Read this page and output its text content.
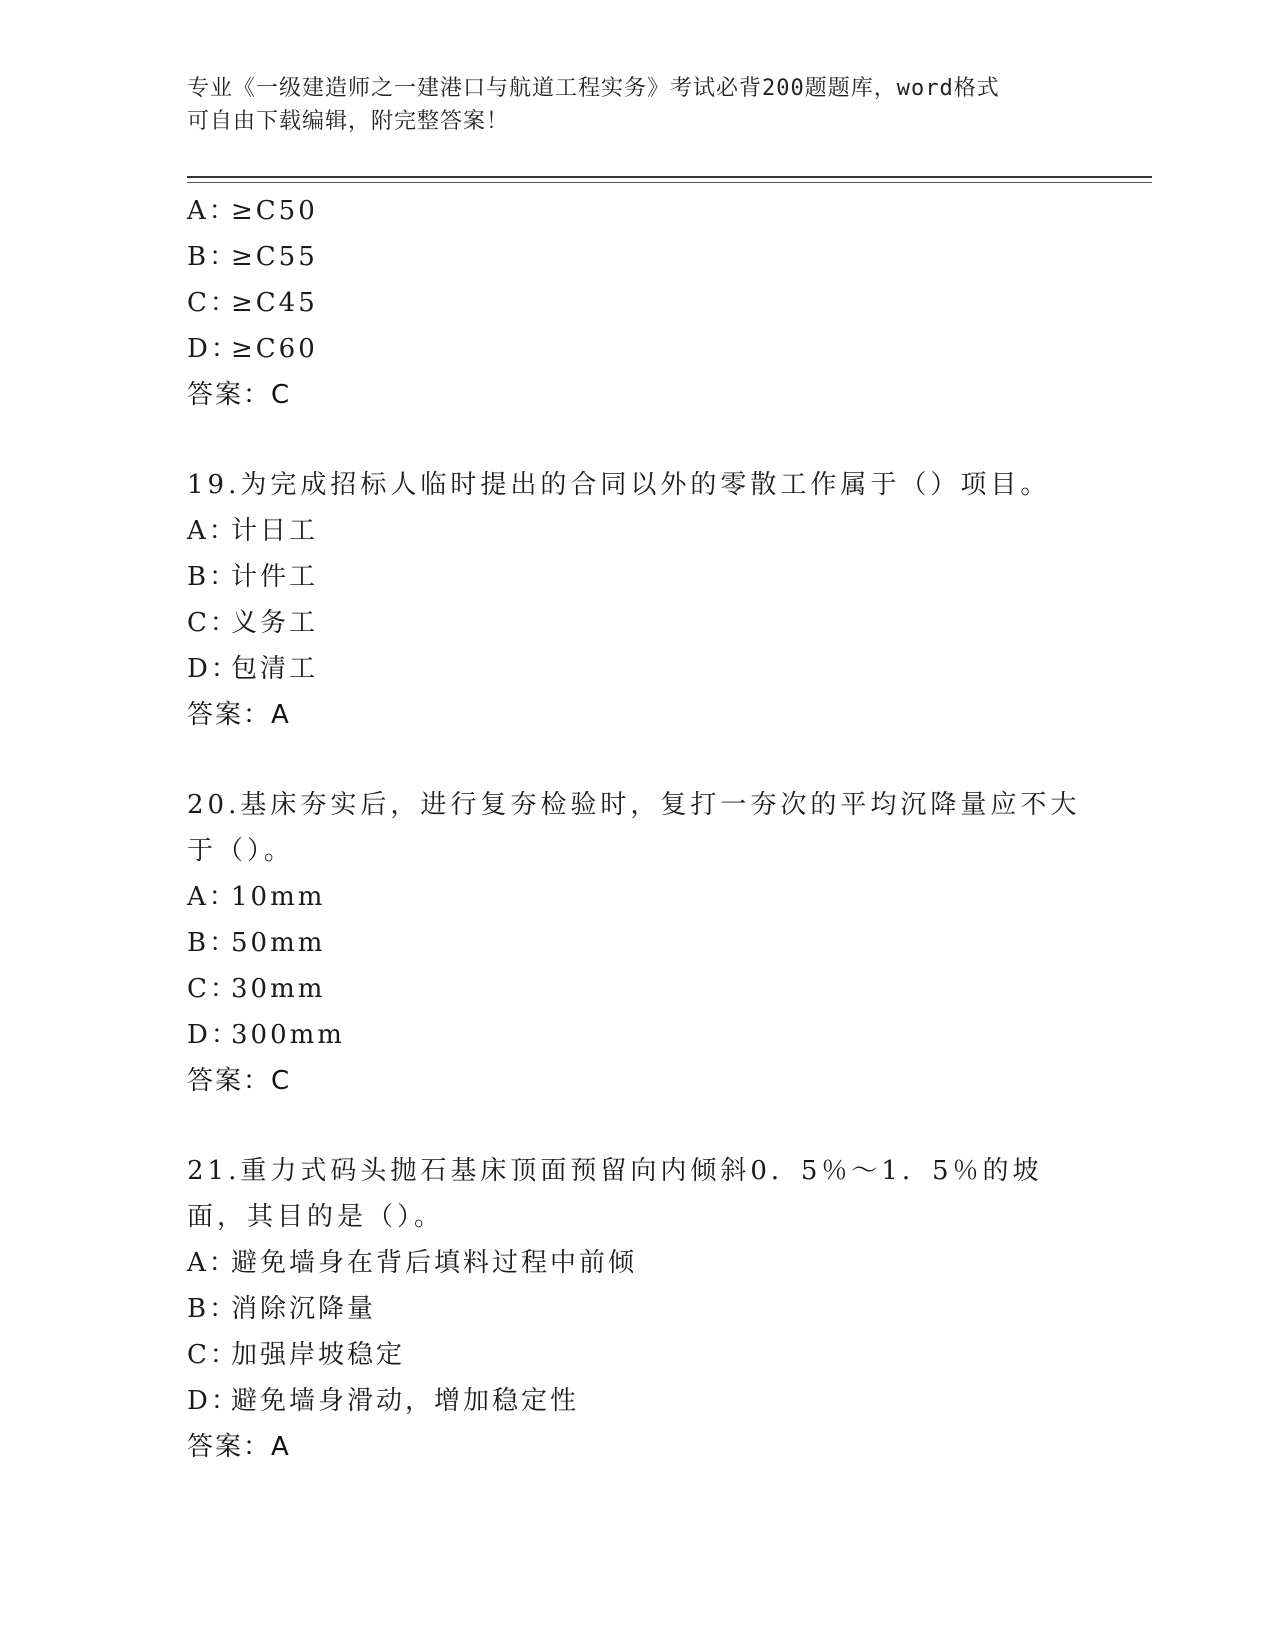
专业《一级建造师之一建港口与航道工程实务》考试必背200题题库，word格式
可自由下载编辑，附完整答案！
A：≥C50
B：≥C55
C：≥C45
D：≥C60
答案：C
19.为完成招标人临时提出的合同以外的零散工作属于（）项目。
A：计日工
B：计件工
C：义务工
D：包清工
答案：A
20.基床夯实后，进行复夯检验时，复打一夯次的平均沉降量应不大于（）。
A：10mm
B：50mm
C：30mm
D：300mm
答案：C
21.重力式码头抛石基床顶面预留向内倾斜0．5％～1．5％的坡面，其目的是（）。
A：避免墙身在背后填料过程中前倾
B：消除沉降量
C：加强岸坡稳定
D：避免墙身滑动，增加稳定性
答案：A
